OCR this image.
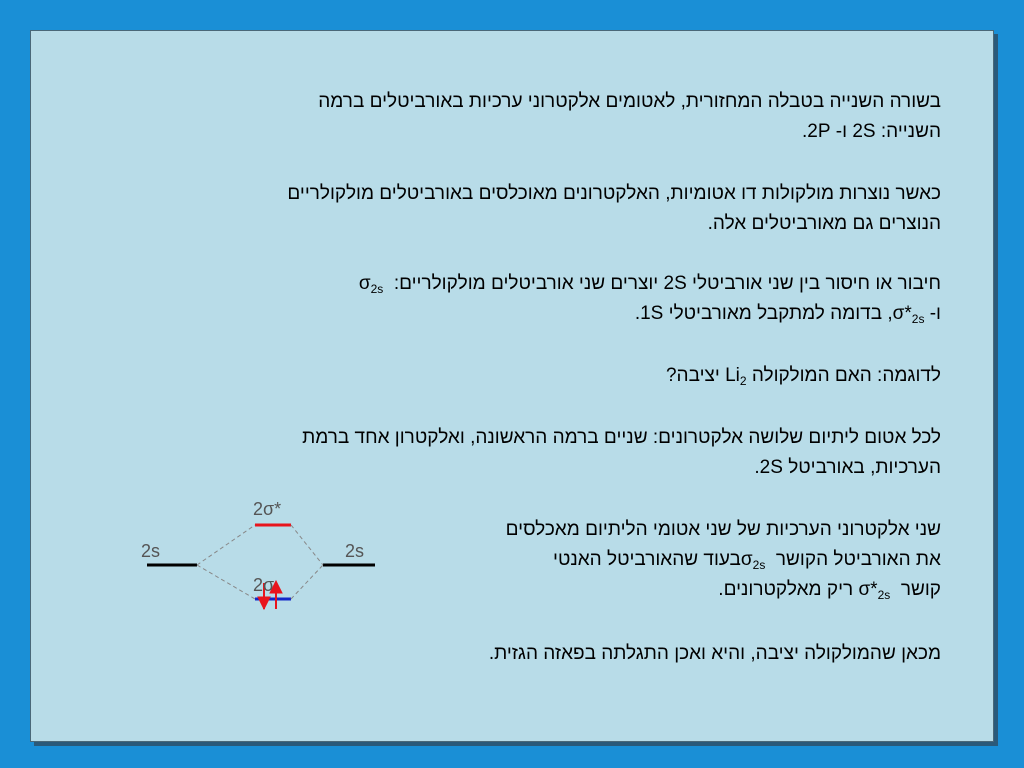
בשורה השנייה בטבלה המחזורית, לאטומים אלקטרוני ערכיות באורביטלים ברמה
השנייה: 2S ו- 2P.

כאשר נוצרות מולקולות דו אטומיות, האלקטרונים מאוכלסים באורביטלים מולקולריים
הנוצרים גם מאורביטלים אלה.

חיבור או חיסור בין שני אורביטלי 2S יוצרים שני אורביטלים מולקולריים:  $\sigma_{2s}$
ו- $\sigma*_{2s}$, בדומה למתקבל מאורביטלי 1S.

לדוגמה: האם המולקולה $Li_2$ יציבה?

לכל אטום ליתיום שלושה אלקטרונים: שניים ברמה הראשונה, ואלקטרון אחד ברמת
הערכיות, באורביטל 2S.

שני אלקטרוני הערכיות של שני אטומי הליתיום מאכלסים
את האורביטל הקושר  $\sigma_{2s}בעוד$ שהאורביטל האנטי
קושר  $\sigma*_{2s}$ ריק מאלקטרונים.

מכאן שהמולקולה יציבה, והיא ואכן התגלתה בפאזה הגזית.

2s	2s
2σ*
2σ
